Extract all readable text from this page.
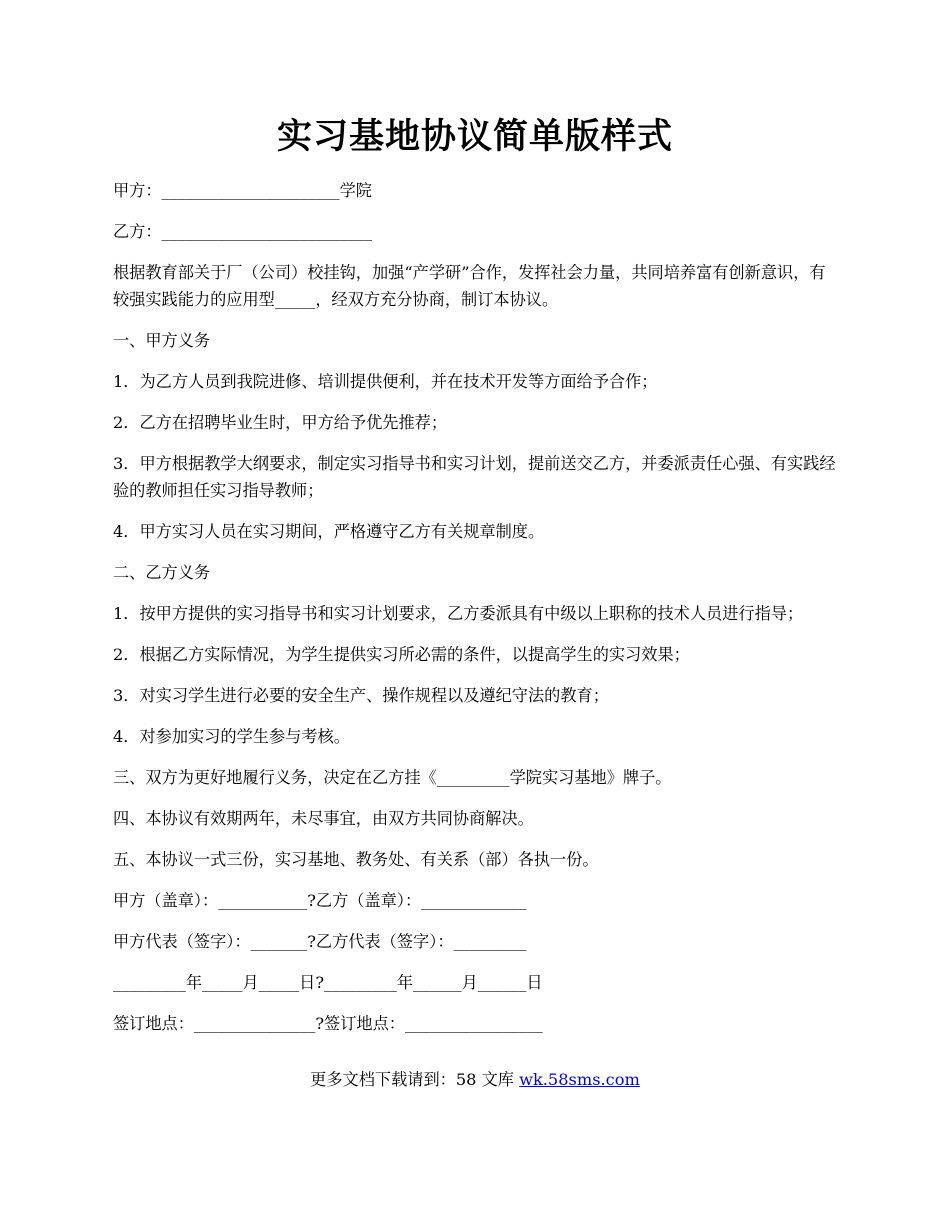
实习基地协议简单版样式

甲方：______________________学院

乙方：__________________________

根据教育部关于厂（公司）校挂钩，加强“产学研”合作，发挥社会力量，共同培养富有创新意识，有较强实践能力的应用型_____，经双方充分协商，制订本协议。

一、甲方义务

1．为乙方人员到我院进修、培训提供便利，并在技术开发等方面给予合作；

2．乙方在招聘毕业生时，甲方给予优先推荐；

3．甲方根据教学大纲要求，制定实习指导书和实习计划，提前送交乙方，并委派责任心强、有实践经验的教师担任实习指导教师；

4．甲方实习人员在实习期间，严格遵守乙方有关规章制度。

二、乙方义务

1．按甲方提供的实习指导书和实习计划要求，乙方委派具有中级以上职称的技术人员进行指导；

2．根据乙方实际情况，为学生提供实习所必需的条件，以提高学生的实习效果；

3．对实习学生进行必要的安全生产、操作规程以及遵纪守法的教育；

4．对参加实习的学生参与考核。

三、双方为更好地履行义务，决定在乙方挂《_________学院实习基地》牌子。

四、本协议有效期两年，未尽事宜，由双方共同协商解决。

五、本协议一式三份，实习基地、教务处、有关系（部）各执一份。

甲方（盖章）：___________?乙方（盖章）：_____________

甲方代表（签字）：_______?乙方代表（签字）：_________

_________年_____月_____日?_________年______月______日

签订地点：_______________?签订地点：_________________

更多文档下载请到：58 文库 wk.58sms.com
